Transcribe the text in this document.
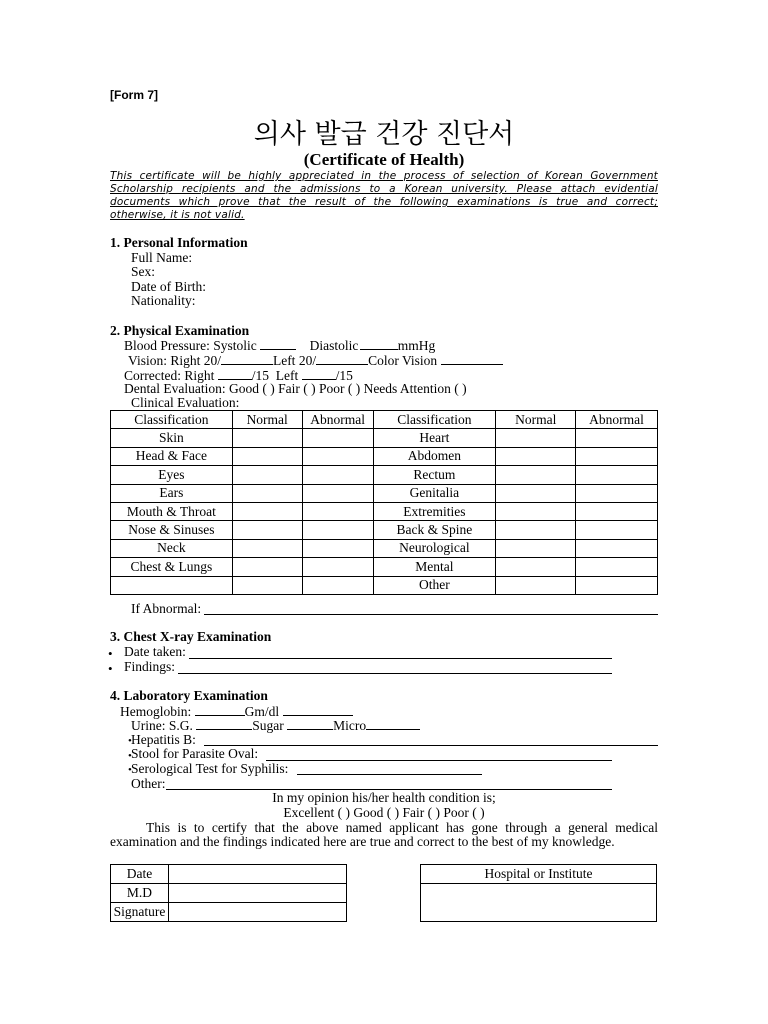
[Form 7]
의사 발급 건강 진단서
(Certificate of Health)
This certificate will be highly appreciated in the process of selection of Korean Government
Scholarship recipients and the admissions to a Korean university. Please attach evidential
documents which prove that the result of the following examinations is true and correct;
otherwise, it is not valid.
1. Personal Information
Full Name:
Sex:
Date of Birth:
Nationality:
2. Physical Examination
Blood Pressure: Systolic	Diastolic	mmHg
Vision: Right 20/	Left 20/	Color Vision
Corrected: Right	/15 Left	/15
Dental Evaluation: Good ( ) Fair ( ) Poor ( ) Needs Attention ( )
Clinical Evaluation:
Classification	Normal	Abnormal	Classification	Normal	Abnormal
Skin			Heart		
Head & Face			Abdomen		
Eyes			Rectum		
Ears			Genitalia		
Mouth & Throat			Extremities		
Nose & Sinuses			Back & Spine		
Neck			Neurological		
Chest & Lungs			Mental		
			Other		
If Abnormal:
3. Chest X-ray Examination
• Date taken:
• Findings:
4. Laboratory Examination
Hemoglobin:	Gm/dl
Urine: S.G.	Sugar	Micro
• Hepatitis B:
• Stool for Parasite Oval:
• Serological Test for Syphilis:
Other:
In my opinion his/her health condition is;
Excellent ( ) Good ( ) Fair ( ) Poor ( )
This is to certify that the above named applicant has gone through a general medical
examination and the findings indicated here are true and correct to the best of my knowledge.
Date	
M.D	
Signature	
Hospital or Institute
